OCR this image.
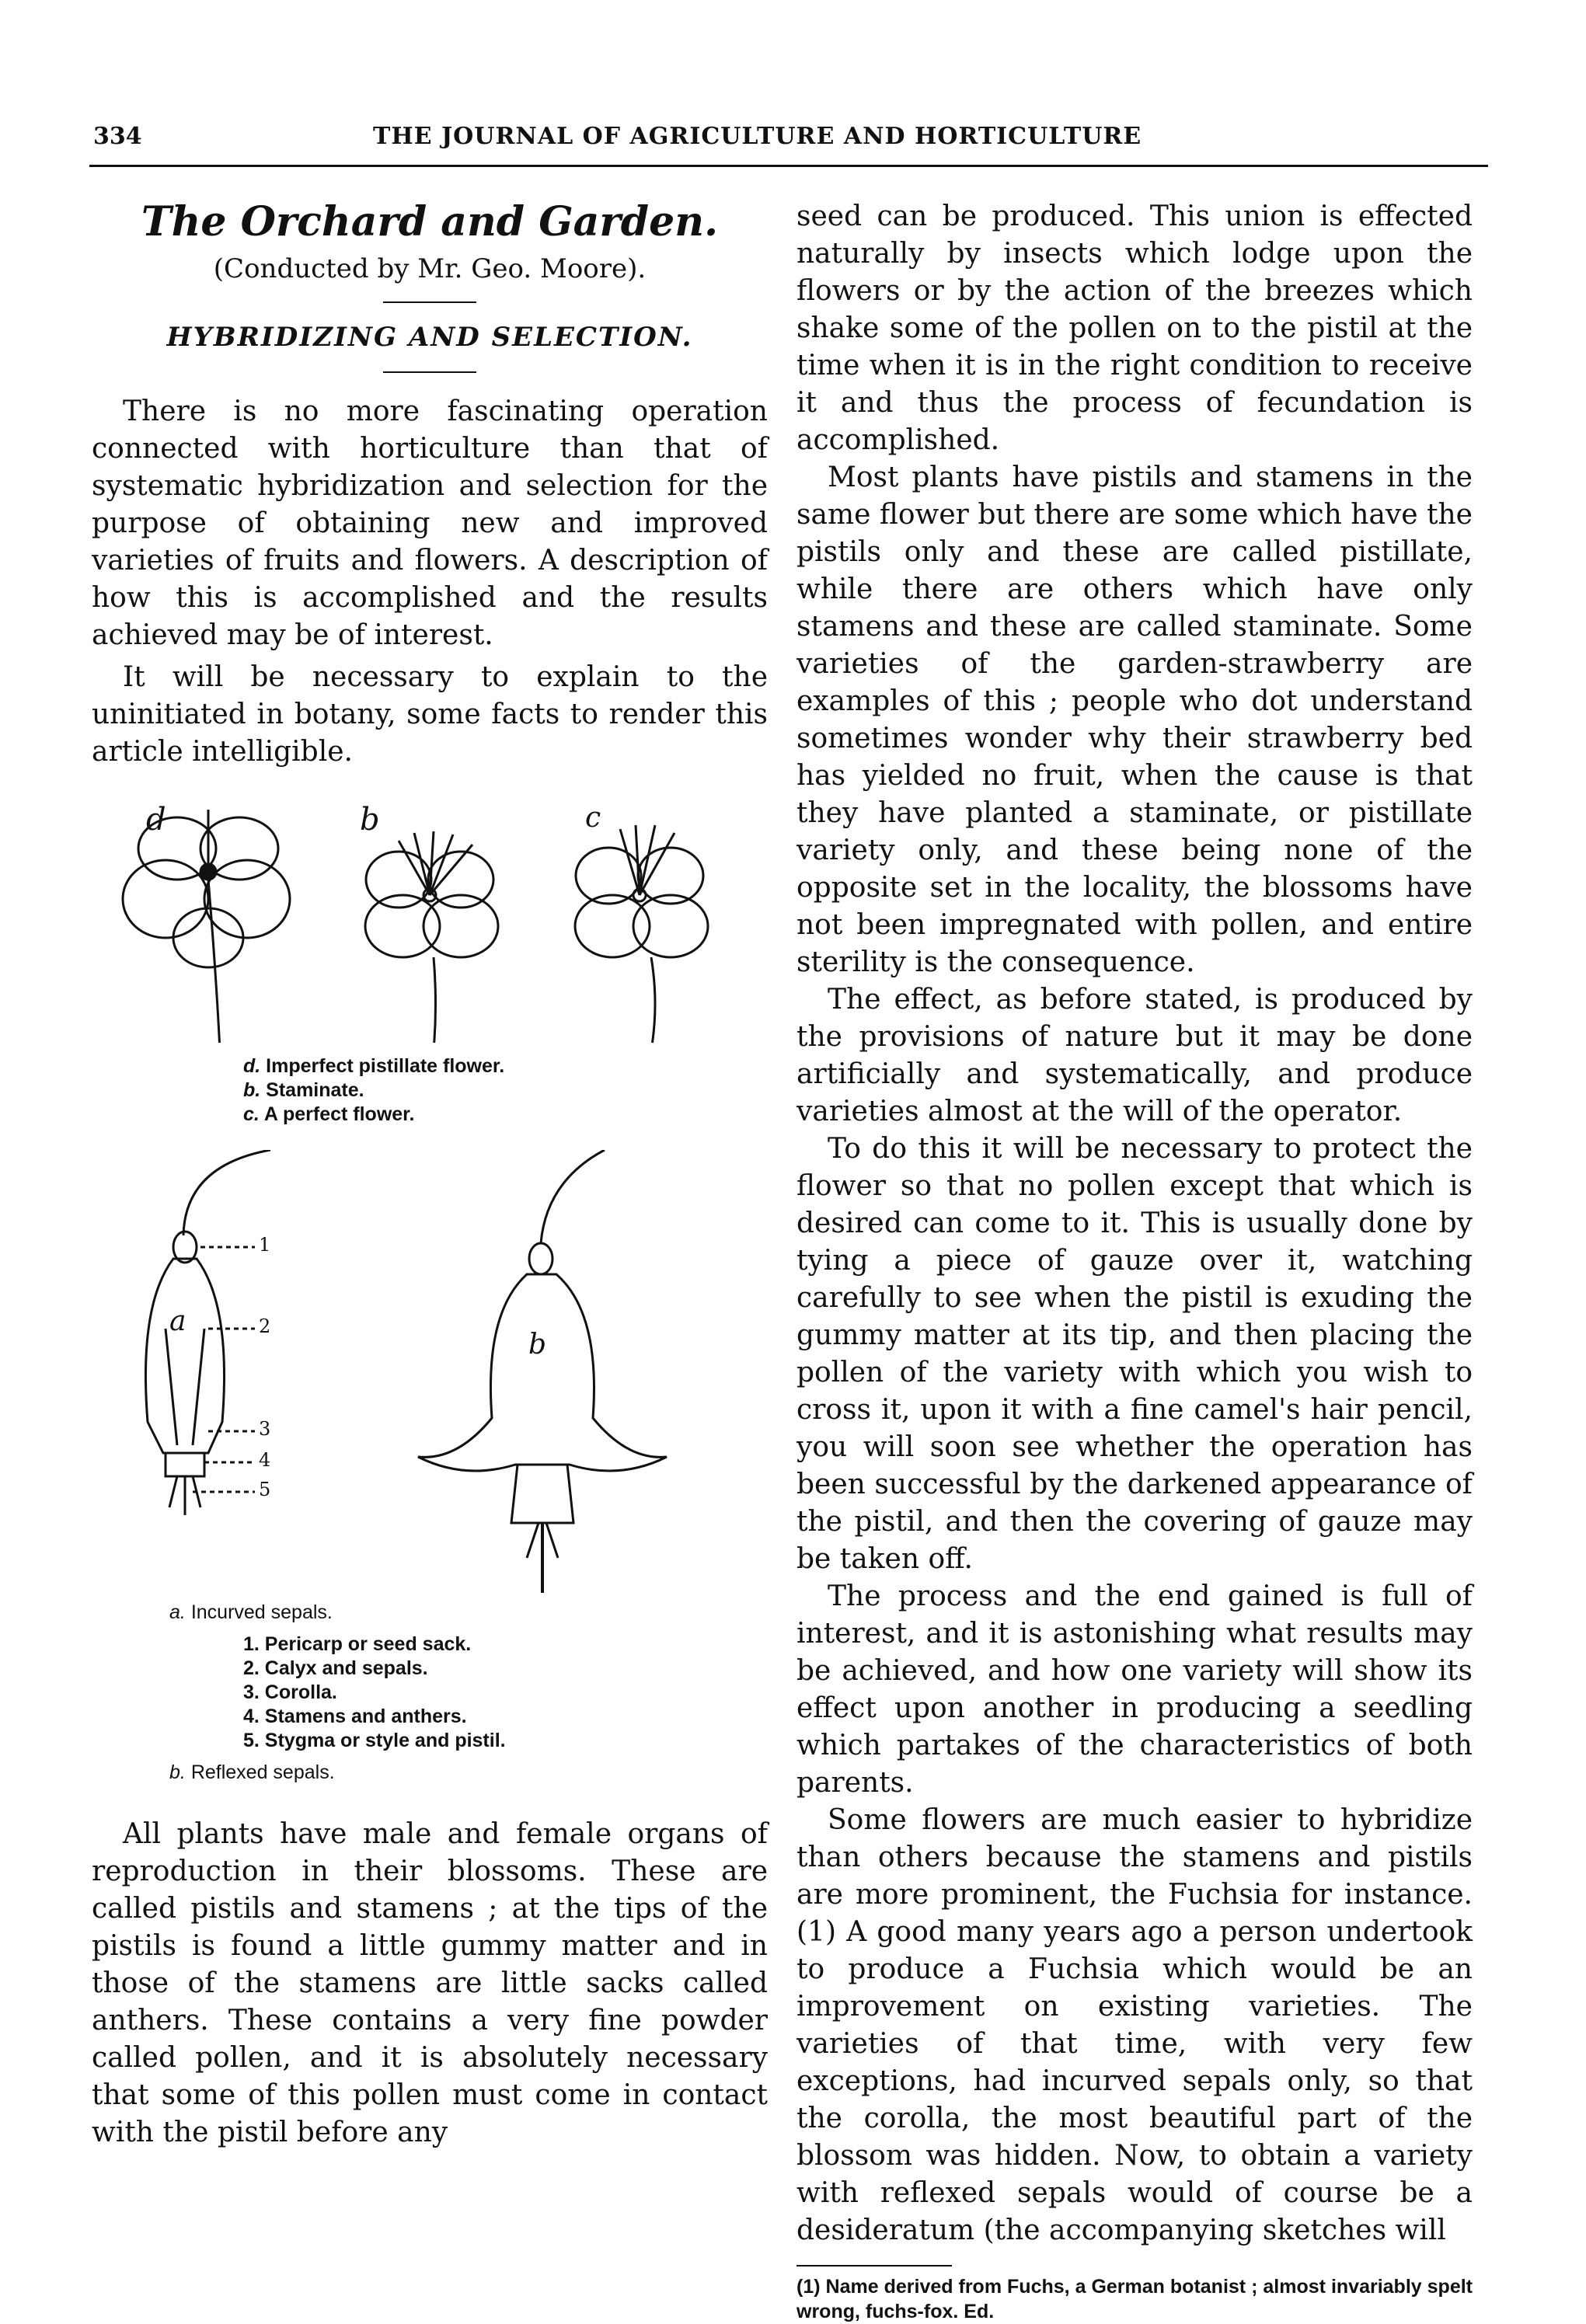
334	THE JOURNAL OF AGRICULTURE AND HORTICULTURE
The Orchard and Garden.
(Conducted by Mr. Geo. Moore).
HYBRIDIZING AND SELECTION.

There is no more fascinating operation connected with horticulture than that of systematic hybridization and selection for the purpose of obtaining new and improved varieties of fruits and flowers. A description of how this is accomplished and the results achieved may be of interest.

It will be necessary to explain to the uninitiated in botany, some facts to render this article intelligible.

d	b	c
d. Imperfect pistillate flower.
b. Staminate.
c. A perfect flower.
a
b
1
2
3
4
5
a. Incurved sepals.
1. Pericarp or seed sack.
2. Calyx and sepals.
3. Corolla.
4. Stamens and anthers.
5. Stygma or style and pistil.
b. Reflexed sepals.

All plants have male and female organs of reproduction in their blossoms. These are called pistils and stamens ; at the tips of the pistils is found a little gummy matter and in those of the stamens are little sacks called anthers. These contains a very fine powder called pollen, and it is absolutely necessary that some of this pollen must come in contact with the pistil before any

seed can be produced. This union is effected naturally by insects which lodge upon the flowers or by the action of the breezes which shake some of the pollen on to the pistil at the time when it is in the right condition to receive it and thus the process of fecundation is accomplished.

Most plants have pistils and stamens in the same flower but there are some which have the pistils only and these are called pistillate, while there are others which have only stamens and these are called staminate. Some varieties of the garden-strawberry are examples of this ; people who dot understand sometimes wonder why their strawberry bed has yielded no fruit, when the cause is that they have planted a staminate, or pistillate variety only, and these being none of the opposite set in the locality, the blossoms have not been impregnated with pollen, and entire sterility is the consequence.

The effect, as before stated, is produced by the provisions of nature but it may be done artificially and systematically, and produce varieties almost at the will of the operator.

To do this it will be necessary to protect the flower so that no pollen except that which is desired can come to it. This is usually done by tying a piece of gauze over it, watching carefully to see when the pistil is exuding the gummy matter at its tip, and then placing the pollen of the variety with which you wish to cross it, upon it with a fine camel's hair pencil, you will soon see whether the operation has been successful by the darkened appearance of the pistil, and then the covering of gauze may be taken off.

The process and the end gained is full of interest, and it is astonishing what results may be achieved, and how one variety will show its effect upon another in producing a seedling which partakes of the characteristics of both parents.

Some flowers are much easier to hybridize than others because the stamens and pistils are more prominent, the Fuchsia for instance. (1) A good many years ago a person undertook to produce a Fuchsia which would be an improvement on existing varieties. The varieties of that time, with very few exceptions, had incurved sepals only, so that the corolla, the most beautiful part of the blossom was hidden. Now, to obtain a variety with reflexed sepals would of course be a desideratum (the accompanying sketches will

(1) Name derived from Fuchs, a German botanist ; almost invariably spelt wrong, fuchs-fox. Ed.
